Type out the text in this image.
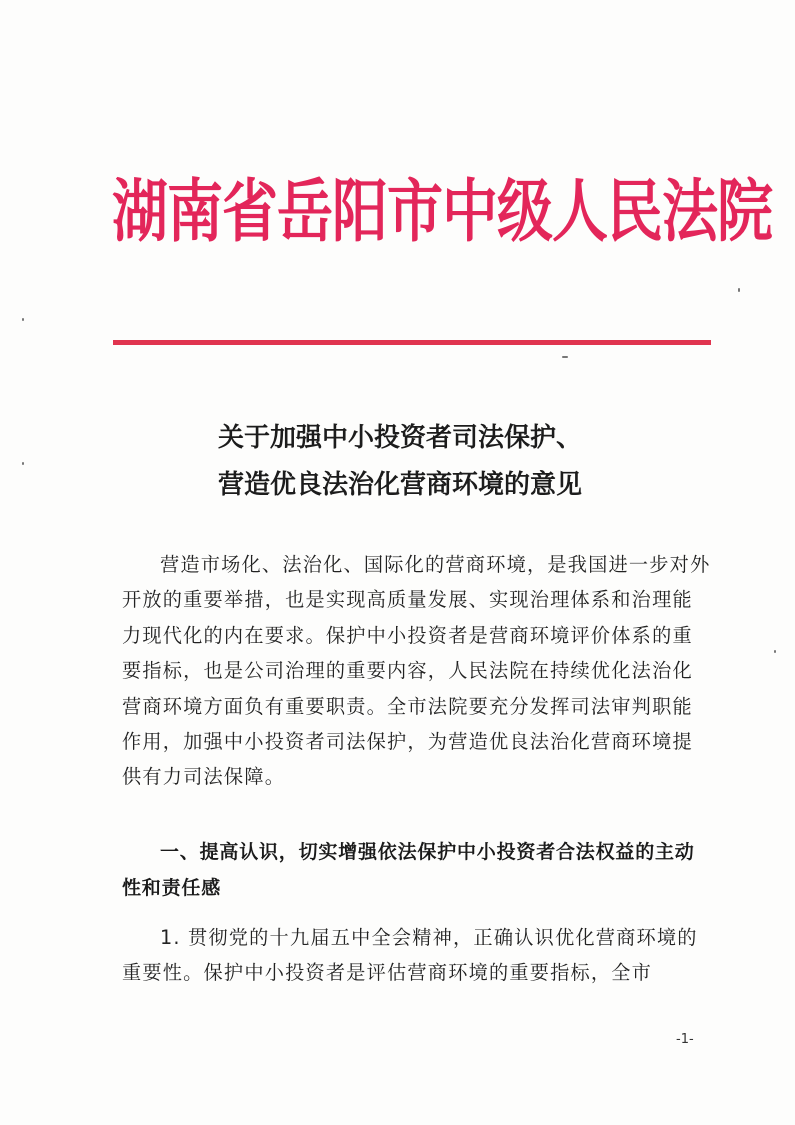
湖南省岳阳市中级人民法院
关于加强中小投资者司法保护、
营造优良法治化营商环境的意见
营造市场化、法治化、国际化的营商环境，是我国进一步对外开放的重要举措，也是实现高质量发展、实现治理体系和治理能力现代化的内在要求。保护中小投资者是营商环境评价体系的重要指标，也是公司治理的重要内容，人民法院在持续优化法治化营商环境方面负有重要职责。全市法院要充分发挥司法审判职能作用，加强中小投资者司法保护，为营造优良法治化营商环境提供有力司法保障。
一、提高认识，切实增强依法保护中小投资者合法权益的主动性和责任感
1. 贯彻党的十九届五中全会精神，正确认识优化营商环境的重要性。保护中小投资者是评估营商环境的重要指标，全市
-1-
